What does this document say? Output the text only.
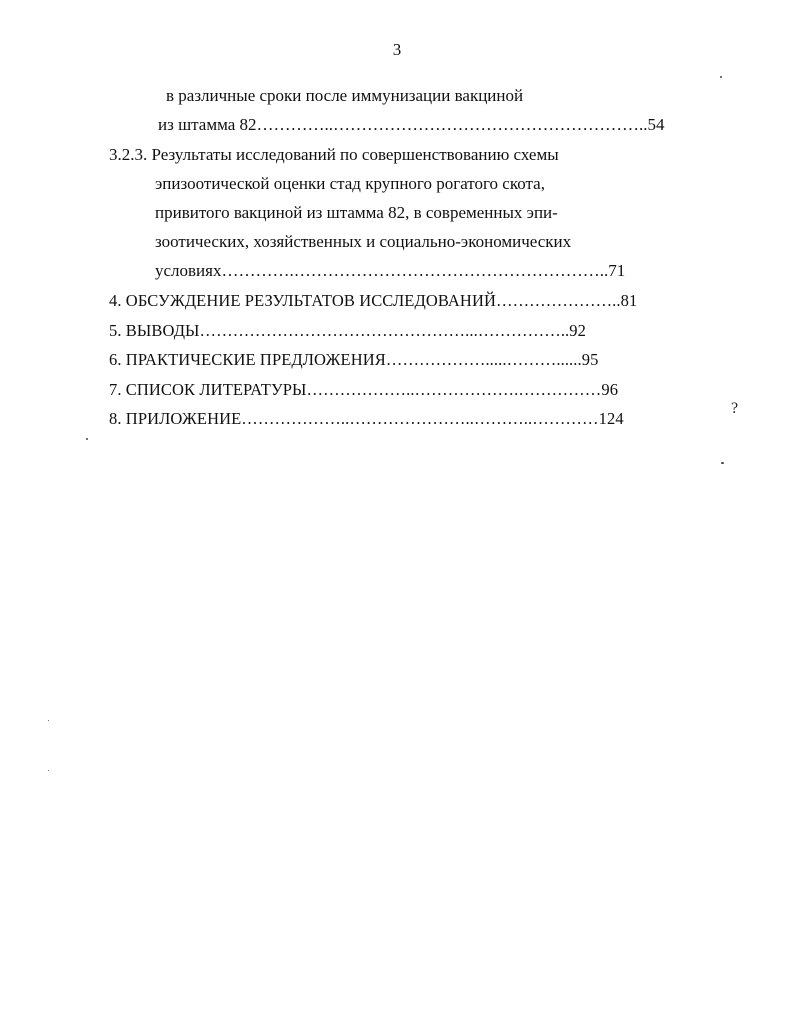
3
в различные сроки после иммунизации вакциной
из штамма 82…………..………………………………………………..54
3.2.3. Результаты исследований по совершенствованию схемы
эпизоотической оценки стад крупного рогатого скота,
привитого вакциной из штамма 82, в современных эпи-
зоотических, хозяйственных и социально-экономических
условиях………….………………………………………………..71
4. ОБСУЖДЕНИЕ РЕЗУЛЬТАТОВ ИССЛЕДОВАНИЙ…………………..81
5. ВЫВОДЫ…………………………………………...……………..92
6. ПРАКТИЧЕСКИЕ ПРЕДЛОЖЕНИЯ……………….....………......95
7. СПИСОК ЛИТЕРАТУРЫ………………..……………….……………96
8. ПРИЛОЖЕНИЕ………………..…………………..………..…………124
?
